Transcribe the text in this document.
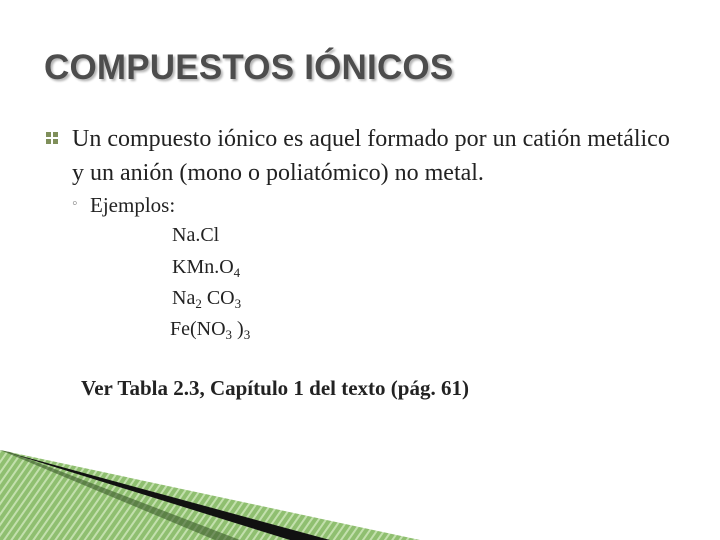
COMPUESTOS IÓNICOS
Un compuesto iónico es aquel formado por un catión metálico y un anión (mono o poliatómico) no metal.
◦ Ejemplos:
Na.Cl
$KMn.O_4$
$Na_2$ $CO_3$
$Fe(NO_3$ )$_3$
Ver Tabla 2.3, Capítulo 1 del texto (pág. 61)
